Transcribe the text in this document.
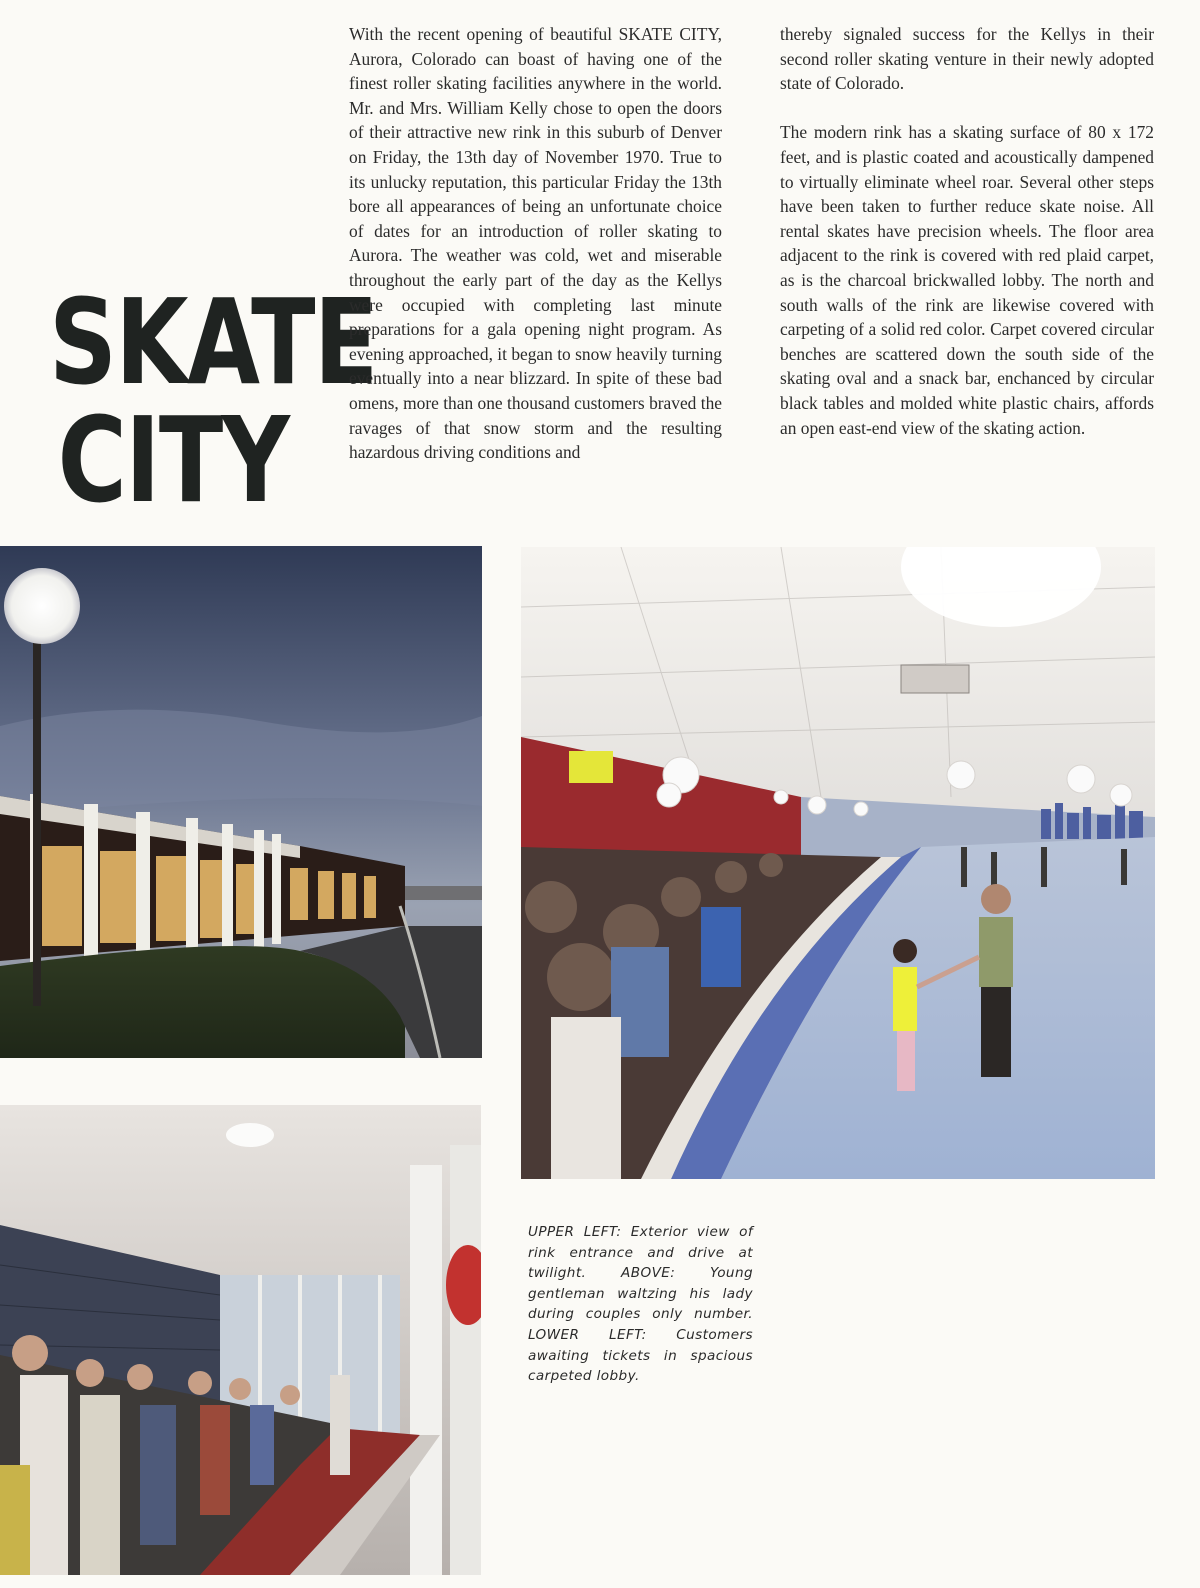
SKATE
CITY

With the recent opening of beautiful SKATE CITY, Aurora, Colorado can boast of having one of the finest roller skating facilities anywhere in the world. Mr. and Mrs. William Kelly chose to open the doors of their attractive new rink in this suburb of Denver on Friday, the 13th day of November 1970. True to its unlucky reputation, this particular Friday the 13th bore all appearances of being an unfortunate choice of dates for an introduction of roller skating to Aurora. The weather was cold, wet and miserable throughout the early part of the day as the Kellys were occupied with completing last minute preparations for a gala opening night program. As evening approached, it began to snow heavily turning eventually into a near blizzard. In spite of these bad omens, more than one thousand customers braved the ravages of that snow storm and the resulting hazardous driving conditions and

thereby signaled success for the Kellys in their second roller skating venture in their newly adopted state of Colorado.

The modern rink has a skating surface of 80 x 172 feet, and is plastic coated and acoustically dampened to virtually eliminate wheel roar. Several other steps have been taken to further reduce skate noise. All rental skates have precision wheels. The floor area adjacent to the rink is covered with red plaid carpet, as is the charcoal brickwalled lobby. The north and south walls of the rink are likewise covered with carpeting of a solid red color. Carpet covered circular benches are scattered down the south side of the skating oval and a snack bar, enchanced by circular black tables and molded white plastic chairs, affords an open east-end view of the skating action.

UPPER LEFT: Exterior view of rink entrance and drive at twilight. ABOVE: Young gentleman waltzing his lady during couples only number. LOWER LEFT: Customers awaiting tickets in spacious carpeted lobby.
